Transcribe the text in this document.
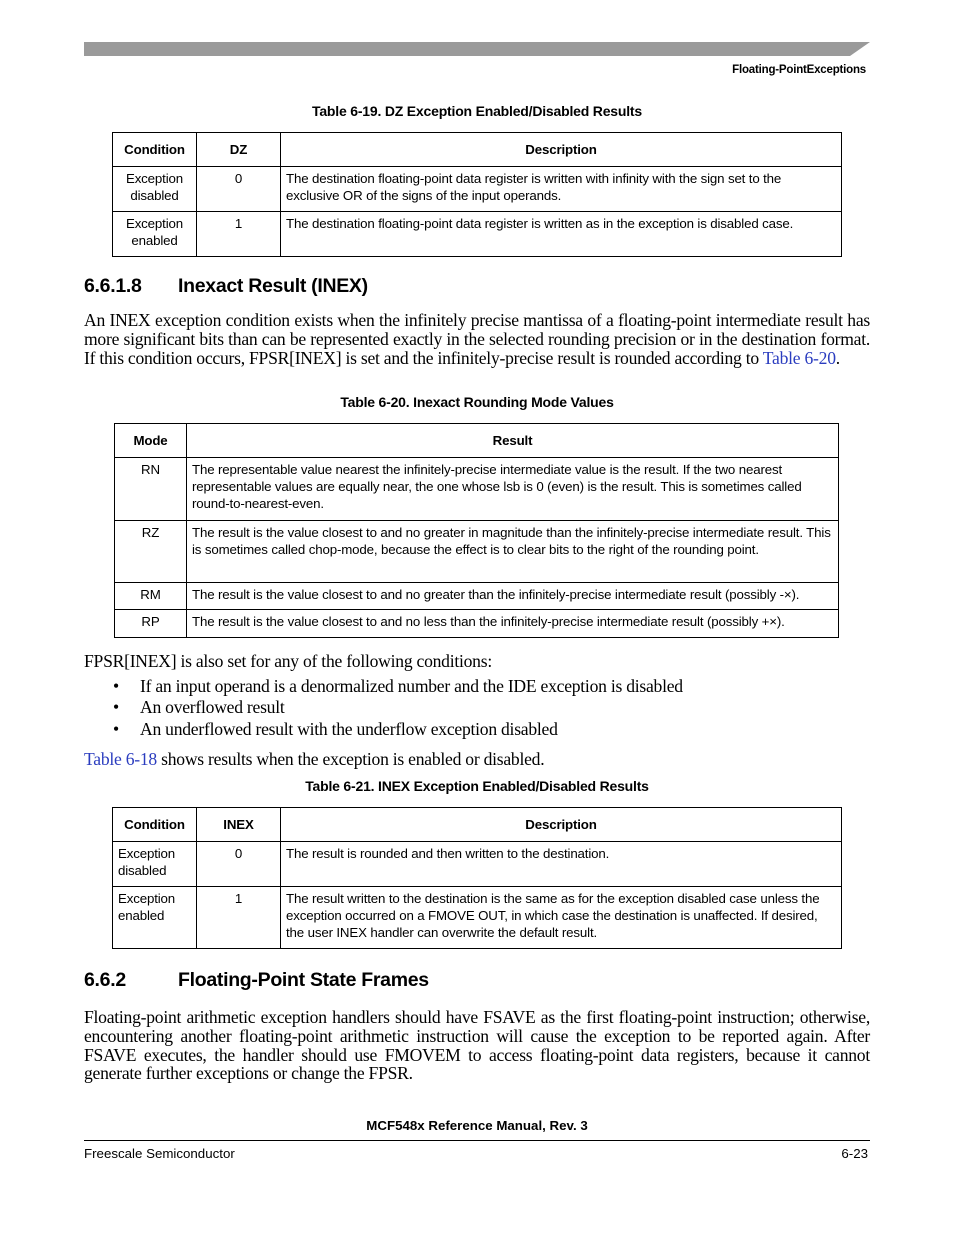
Floating-PointExceptions
Table 6-19. DZ Exception Enabled/Disabled Results
Condition	DZ	Description
Exception
disabled	0	The destination floating-point data register is written with infinity with the sign set to the exclusive OR of the signs of the input operands.
Exception
enabled	1	The destination floating-point data register is written as in the exception is disabled case.
6.6.1.8 Inexact Result (INEX)

An INEX exception condition exists when the infinitely precise mantissa of a floating-point intermediate result has more significant bits than can be represented exactly in the selected rounding precision or in the destination format. If this condition occurs, FPSR[INEX] is set and the infinitely-precise result is rounded according to Table 6-20.

Table 6-20. Inexact Rounding Mode Values
Mode	Result
RN	The representable value nearest the infinitely-precise intermediate value is the result. If the two nearest representable values are equally near, the one whose lsb is 0 (even) is the result. This is sometimes called round-to-nearest-even.
RZ	The result is the value closest to and no greater in magnitude than the infinitely-precise intermediate result. This is sometimes called chop-mode, because the effect is to clear bits to the right of the rounding point.
RM	The result is the value closest to and no greater than the infinitely-precise intermediate result (possibly -×).
RP	The result is the value closest to and no less than the infinitely-precise intermediate result (possibly +×).

FPSR[INEX] is also set for any of the following conditions:

• If an input operand is a denormalized number and the IDE exception is disabled
• An overflowed result
• An underflowed result with the underflow exception disabled

Table 6-18 shows results when the exception is enabled or disabled.

Table 6-21. INEX Exception Enabled/Disabled Results
Condition	INEX	Description
Exception
disabled	0	The result is rounded and then written to the destination.
Exception
enabled	1	The result written to the destination is the same as for the exception disabled case unless the exception occurred on a FMOVE OUT, in which case the destination is unaffected. If desired, the user INEX handler can overwrite the default result.
6.6.2	Floating-Point State Frames

Floating-point arithmetic exception handlers should have FSAVE as the first floating-point instruction; otherwise, encountering another floating-point arithmetic instruction will cause the exception to be reported again. After FSAVE executes, the handler should use FMOVEM to access floating-point data registers, because it cannot generate further exceptions or change the FPSR.

MCF548x Reference Manual, Rev. 3
Freescale Semiconductor	6-23
